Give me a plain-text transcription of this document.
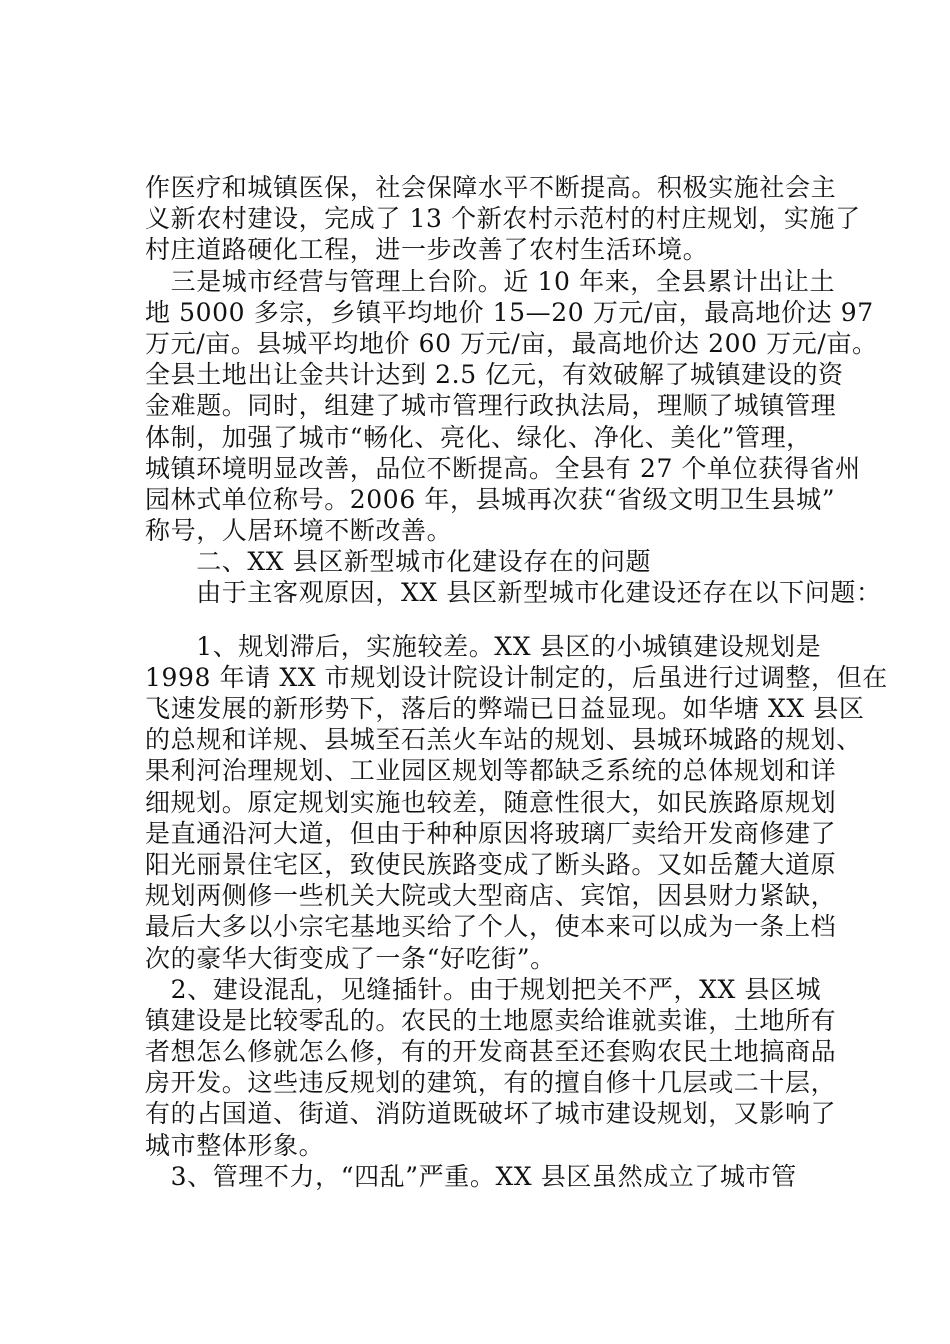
作医疗和城镇医保，社会保障水平不断提高。积极实施社会主
义新农村建设，完成了 13 个新农村示范村的村庄规划，实施了
村庄道路硬化工程，进一步改善了农村生活环境。
　三是城市经营与管理上台阶。近 10 年来，全县累计出让土
地 5000 多宗，乡镇平均地价 15—20 万元/亩，最高地价达 97
万元/亩。县城平均地价 60 万元/亩，最高地价达 200 万元/亩。
全县土地出让金共计达到 2.5 亿元，有效破解了城镇建设的资
金难题。同时，组建了城市管理行政执法局，理顺了城镇管理
体制，加强了城市“畅化、亮化、绿化、净化、美化”管理，
城镇环境明显改善，品位不断提高。全县有 27 个单位获得省州
园林式单位称号。2006 年，县城再次获“省级文明卫生县城”
称号，人居环境不断改善。
　　二、XX 县区新型城市化建设存在的问题
　　由于主客观原因，XX 县区新型城市化建设还存在以下问题：
　　1、规划滞后，实施较差。XX 县区的小城镇建设规划是
1998 年请 XX 市规划设计院设计制定的，后虽进行过调整，但在
飞速发展的新形势下，落后的弊端已日益显现。如华塘 XX 县区
的总规和详规、县城至石羔火车站的规划、县城环城路的规划、
果利河治理规划、工业园区规划等都缺乏系统的总体规划和详
细规划。原定规划实施也较差，随意性很大，如民族路原规划
是直通沿河大道，但由于种种原因将玻璃厂卖给开发商修建了
阳光丽景住宅区，致使民族路变成了断头路。又如岳麓大道原
规划两侧修一些机关大院或大型商店、宾馆，因县财力紧缺，
最后大多以小宗宅基地买给了个人，使本来可以成为一条上档
次的豪华大街变成了一条“好吃街”。
　2、建设混乱，见缝插针。由于规划把关不严，XX 县区城
镇建设是比较零乱的。农民的土地愿卖给谁就卖谁，土地所有
者想怎么修就怎么修，有的开发商甚至还套购农民土地搞商品
房开发。这些违反规划的建筑，有的擅自修十几层或二十层，
有的占国道、街道、消防道既破坏了城市建设规划，又影响了
城市整体形象。
　3、管理不力，“四乱”严重。XX 县区虽然成立了城市管
